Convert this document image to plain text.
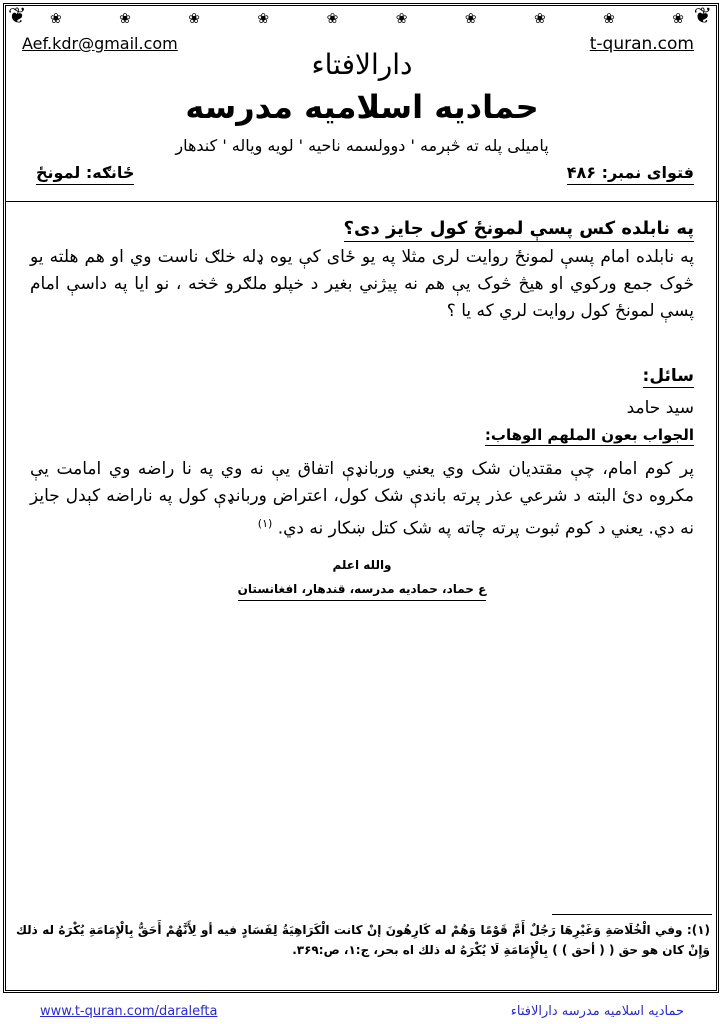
❦	❦
❀	❀	❀	❀	❀	❀	❀	❀	❀	❀
Aef.kdr@gmail.com	t-quran.com
دارالافتاء
حمادیه اسلامیه مدرسه
پامیلی پله ته څېرمه ' دوولسمه ناحیه ' لویه ویاله ' کندهار
فتوای نمبر: ۴۸۶
ځانګه: لمونځ
په نابلده کس پسې لمونځ کول جایز دی؟
په نابلده امام پسې لمونځ روایت لری مثلا په یو ځای کې یوه ډله خلګ ناست وي او هم هلته یو څوک جمع ورکوي او هیڅ څوک یې هم نه پیژني بغیر د خپلو ملګرو څخه ، نو ایا په داسې امام پسې لمونځ کول روایت لري که یا ؟
سائل:
سید حامد
الجواب بعون الملهم الوهاب:
پر کوم امام، چې مقتدیان شک وي یعني وربانډې اتفاق یې نه وي په نا راضه وي امامت یې مکروه دئ البته د شرعي عذر پرته باندې شک کول، اعتراض وربانډې کول په ناراضه کېدل جایز نه دي. یعني د کوم ثبوت پرته چاته په شک کتل ښکار نه دي. $^{(۱)}$
والله اعلم
ع حماد، حمادیه مدرسه، قندهار، افغانستان
(۱): وفي الْخُلَاصَةِ وَغَيْرِهَا رَجُلٌ أَمَّ قَوْمًا وَهُمْ له كَارِهُونَ إنْ كانت الْكَرَاهِيَةُ لِفَسَادٍ فيه أو لِأَنَّهُمْ أَحَقُّ بِالْإِمَامَةِ يُكْرَهُ له ذلك وَإِنْ كان هو حق ( ( أحق ) ) بِالْإِمَامَةِ لَا يُكْرَهُ له ذلك اه بحر، ج:۱، ص:۳۶۹.
www.t-quran.com/daralefta	حمادیه اسلامیه مدرسه دارالافتاء
